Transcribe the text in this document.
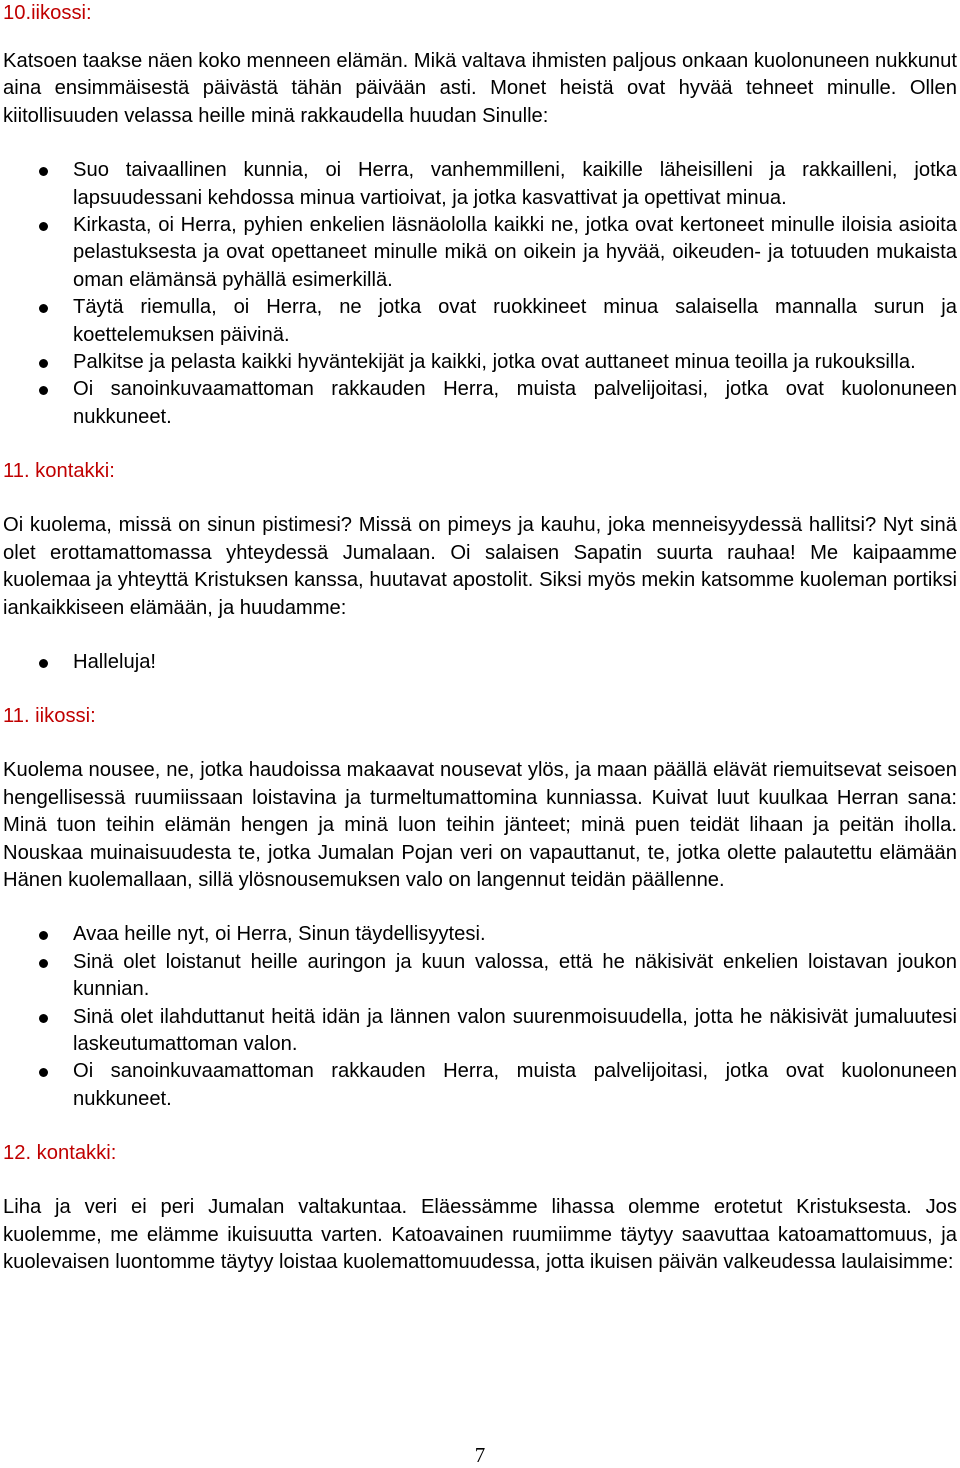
10.iikossi:

Katsoen taakse näen koko menneen elämän. Mikä valtava ihmisten paljous onkaan kuolonuneen nukkunut aina ensimmäisestä päivästä tähän päivään asti. Monet heistä ovat hyvää tehneet minulle. Ollen kiitollisuuden velassa heille minä rakkaudella huudan Sinulle:

Suo taivaallinen kunnia, oi Herra, vanhemmilleni, kaikille läheisilleni ja rakkailleni, jotka lapsuudessani kehdossa minua vartioivat, ja jotka kasvattivat ja opettivat minua.
Kirkasta, oi Herra, pyhien enkelien läsnäololla kaikki ne, jotka ovat kertoneet minulle iloisia asioita pelastuksesta ja ovat opettaneet minulle mikä on oikein ja hyvää, oikeuden- ja totuuden mukaista oman elämänsä pyhällä esimerkillä.
Täytä riemulla, oi Herra, ne jotka ovat ruokkineet minua salaisella mannalla surun ja koettelemuksen päivinä.
Palkitse ja pelasta kaikki hyväntekijät ja kaikki, jotka ovat auttaneet minua teoilla ja rukouksilla.
Oi sanoinkuvaamattoman rakkauden Herra, muista palvelijoitasi, jotka ovat kuolonuneen nukkuneet.
11. kontakki:

Oi kuolema, missä on sinun pistimesi? Missä on pimeys ja kauhu, joka menneisyydessä hallitsi? Nyt sinä olet erottamattomassa yhteydessä Jumalaan. Oi salaisen Sapatin suurta rauhaa! Me kaipaamme kuolemaa ja yhteyttä Kristuksen kanssa, huutavat apostolit. Siksi myös mekin katsomme kuoleman portiksi iankaikkiseen elämään, ja huudamme:

Halleluja!
11. iikossi:

Kuolema nousee, ne, jotka haudoissa makaavat nousevat ylös, ja maan päällä elävät riemuitsevat seisoen hengellisessä ruumiissaan loistavina ja turmeltumattomina kunniassa. Kuivat luut kuulkaa Herran sana: Minä tuon teihin elämän hengen ja minä luon teihin jänteet; minä puen teidät lihaan ja peitän iholla. Nouskaa muinaisuudesta te, jotka Jumalan Pojan veri on vapauttanut, te, jotka olette palautettu elämään Hänen kuolemallaan, sillä ylösnousemuksen valo on langennut teidän päällenne.

Avaa heille nyt, oi Herra, Sinun täydellisyytesi.
Sinä olet loistanut heille auringon ja kuun valossa, että he näkisivät enkelien loistavan joukon kunnian.
Sinä olet ilahduttanut heitä idän ja lännen valon suurenmoisuudella, jotta he näkisivät jumaluutesi laskeutumattoman valon.
Oi sanoinkuvaamattoman rakkauden Herra, muista palvelijoitasi, jotka ovat kuolonuneen nukkuneet.
12. kontakki:

Liha ja veri ei peri Jumalan valtakuntaa. Eläessämme lihassa olemme erotetut Kristuksesta. Jos kuolemme, me elämme ikuisuutta varten. Katoavainen ruumiimme täytyy saavuttaa katoamattomuus, ja kuolevaisen luontomme täytyy loistaa kuolemattomuudessa, jotta ikuisen päivän valkeudessa laulaisimme:

7
